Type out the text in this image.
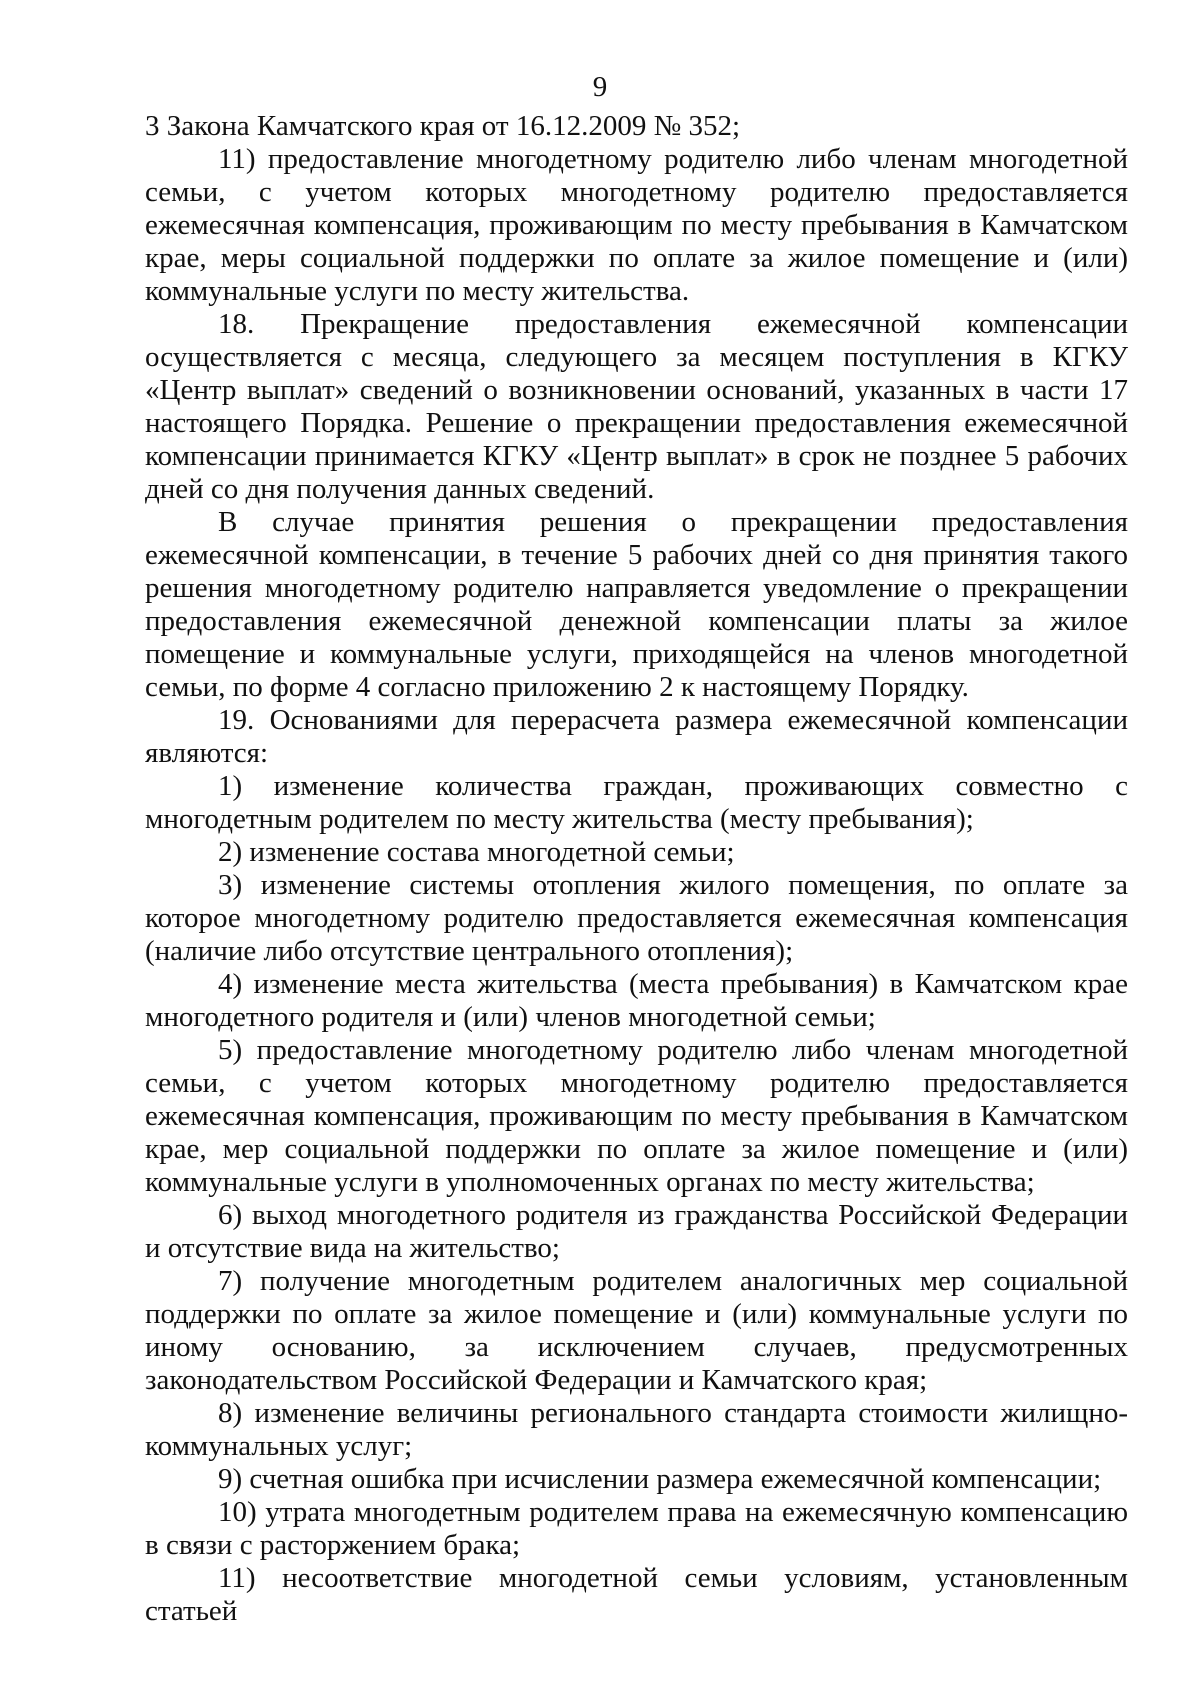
9

3 Закона Камчатского края от 16.12.2009 № 352;

11) предоставление многодетному родителю либо членам многодетной семьи, с учетом которых многодетному родителю предоставляется ежемесячная компенсация, проживающим по месту пребывания в Камчатском крае, меры социальной поддержки по оплате за жилое помещение и (или) коммунальные услуги по месту жительства.

18. Прекращение предоставления ежемесячной компенсации осуществляется с месяца, следующего за месяцем поступления в КГКУ «Центр выплат» сведений о возникновении оснований, указанных в части 17 настоящего Порядка. Решение о прекращении предоставления ежемесячной компенсации принимается КГКУ «Центр выплат» в срок не позднее 5 рабочих дней со дня получения данных сведений.

В случае принятия решения о прекращении предоставления ежемесячной компенсации, в течение 5 рабочих дней со дня принятия такого решения многодетному родителю направляется уведомление о прекращении предоставления ежемесячной денежной компенсации платы за жилое помещение и коммунальные услуги, приходящейся на членов многодетной семьи, по форме 4 согласно приложению 2 к настоящему Порядку.

19. Основаниями для перерасчета размера ежемесячной компенсации являются:

1) изменение количества граждан, проживающих совместно с многодетным родителем по месту жительства (месту пребывания);

2) изменение состава многодетной семьи;

3) изменение системы отопления жилого помещения, по оплате за которое многодетному родителю предоставляется ежемесячная компенсация (наличие либо отсутствие центрального отопления);

4) изменение места жительства (места пребывания) в Камчатском крае многодетного родителя и (или) членов многодетной семьи;

5) предоставление многодетному родителю либо членам многодетной семьи, с учетом которых многодетному родителю предоставляется ежемесячная компенсация, проживающим по месту пребывания в Камчатском крае, мер социальной поддержки по оплате за жилое помещение и (или) коммунальные услуги в уполномоченных органах по месту жительства;

6) выход многодетного родителя из гражданства Российской Федерации и отсутствие вида на жительство;

7) получение многодетным родителем аналогичных мер социальной поддержки по оплате за жилое помещение и (или) коммунальные услуги по иному основанию, за исключением случаев, предусмотренных законодательством Российской Федерации и Камчатского края;

8) изменение величины регионального стандарта стоимости жилищно-коммунальных услуг;

9) счетная ошибка при исчислении размера ежемесячной компенсации;

10) утрата многодетным родителем права на ежемесячную компенсацию в связи с расторжением брака;

11) несоответствие многодетной семьи условиям, установленным статьей
